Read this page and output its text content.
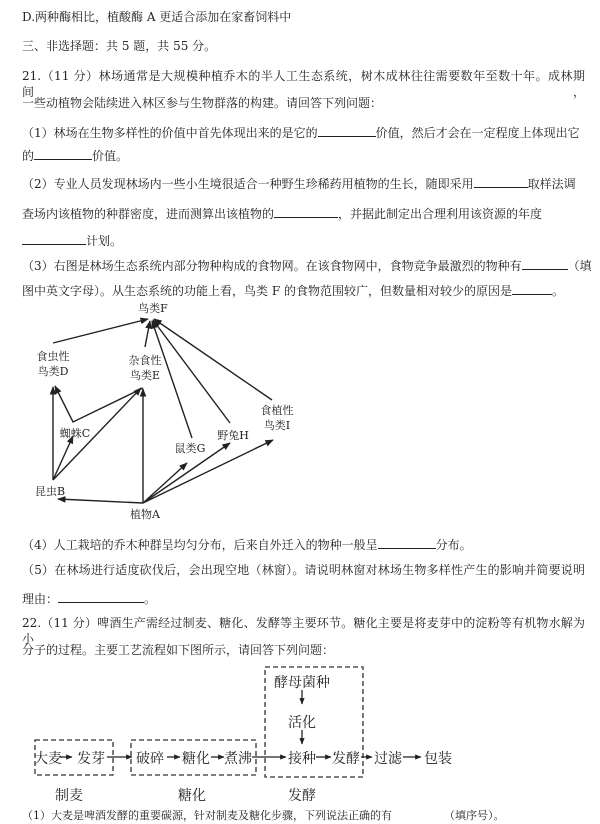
D.两种酶相比，植酸酶 A 更适合添加在家畜饲料中
三、非选择题：共 5 题，共 55 分。
21.（11 分）林场通常是大规模种植乔木的半人工生态系统，树木成林往往需要数年至数十年。成林期间，
一些动植物会陆续进入林区参与生物群落的构建。请回答下列问题：
（1）林场在生物多样性的价值中首先体现出来的是它的	价值，然后才会在一定程度上体现出它
的	价值。
（2）专业人员发现林场内一些小生境很适合一种野生珍稀药用植物的生长，随即采用	取样法调
查场内该植物的种群密度，进而测算出该植物的	，并据此制定出合理利用该资源的年度
计划。
（3）右图是林场生态系统内部分物种构成的食物网。在该食物网中，食物竞争最激烈的物种有	（填
图中英文字母）。从生态系统的功能上看，鸟类 F 的食物范围较广，但数量相对较少的原因是	。
鸟类F
食虫性
鸟类D
杂食性
鸟类E
蜘蛛C
鼠类G
野兔H
食植性
鸟类I
昆虫B
植物A
（4）人工栽培的乔木种群呈均匀分布，后来自外迁入的物种一般呈	分布。
（5）在林场进行适度砍伐后，会出现空地（林窗）。请说明林窗对林场生物多样性产生的影响并简要说明
理由：	。
22.（11 分）啤酒生产需经过制麦、糖化、发酵等主要环节。糖化主要是将麦芽中的淀粉等有机物水解为小
分子的过程。主要工艺流程如下图所示，请回答下列问题：
大麦 发芽 破碎 糖化 煮沸
酵母菌种
活化
接种 发酵 过滤 包装
制麦	糖化	发酵
（1）大麦是啤酒发酵的重要碳源，针对制麦及糖化步骤，下列说法正确的有	（填序号）。
